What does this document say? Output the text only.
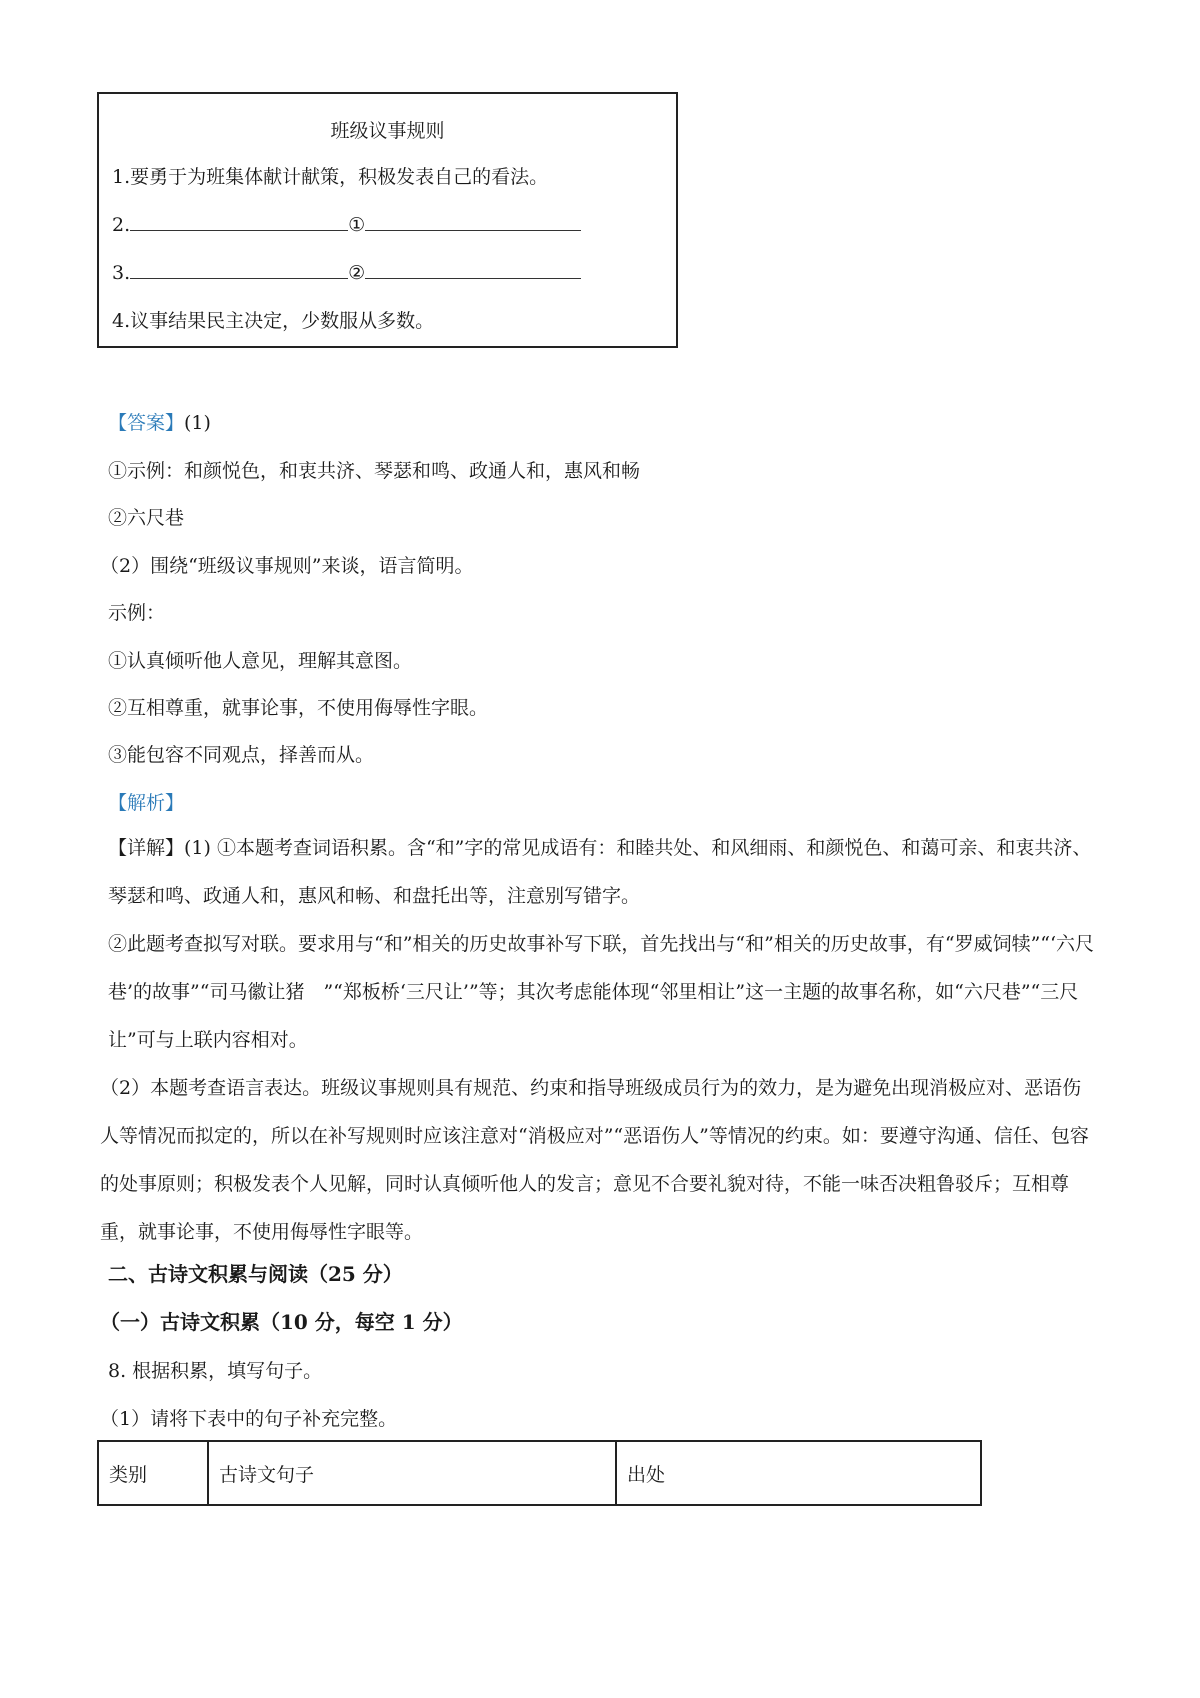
班级议事规则
1.要勇于为班集体献计献策，积极发表自己的看法。
2.	①
3.	②
4.议事结果民主决定，少数服从多数。
【答案】(1)
①示例：和颜悦色，和衷共济、琴瑟和鸣、政通人和，惠风和畅
②六尺巷
（2）围绕“班级议事规则”来谈，语言简明。
示例：
①认真倾听他人意见，理解其意图。
②互相尊重，就事论事，不使用侮辱性字眼。
③能包容不同观点，择善而从。
【解析】
【详解】(1) ①本题考查词语积累。含“和”字的常见成语有：和睦共处、和风细雨、和颜悦色、和蔼可亲、和衷共济、琴瑟和鸣、政通人和，惠风和畅、和盘托出等，注意别写错字。
②此题考查拟写对联。要求用与“和”相关的历史故事补写下联，首先找出与“和”相关的历史故事，有“罗威饲犊”“‘六尺巷’的故事”“司马徽让猪　”“郑板桥‘三尺让’”等；其次考虑能体现“邻里相让”这一主题的故事名称，如“六尺巷”“三尺让”可与上联内容相对。
（2）本题考查语言表达。班级议事规则具有规范、约束和指导班级成员行为的效力，是为避免出现消极应对、恶语伤人等情况而拟定的，所以在补写规则时应该注意对“消极应对”“恶语伤人”等情况的约束。如：要遵守沟通、信任、包容的处事原则；积极发表个人见解，同时认真倾听他人的发言；意见不合要礼貌对待，不能一味否决粗鲁驳斥；互相尊重，就事论事，不使用侮辱性字眼等。
二、古诗文积累与阅读（25 分）
（一）古诗文积累（10 分，每空 1 分）
8. 根据积累，填写句子。
（1）请将下表中的句子补充完整。
类别	古诗文句子	出处
